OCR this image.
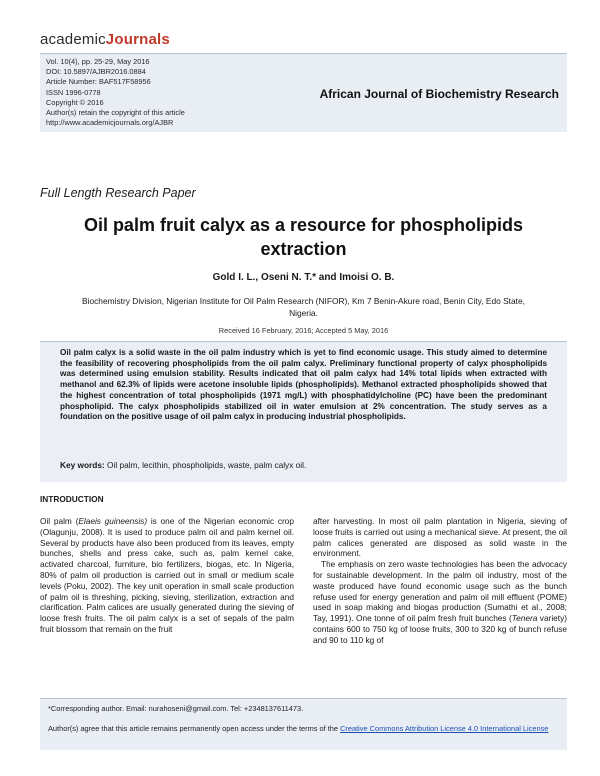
academicJournals
Vol. 10(4), pp. 25-29, May 2016
DOI: 10.5897/AJBR2016.0884
Article Number: BAF517F58956
ISSN 1996-0778
Copyright © 2016
Author(s) retain the copyright of this article
http://www.academicjournals.org/AJBR
African Journal of Biochemistry Research
Full Length Research Paper
Oil palm fruit calyx as a resource for phospholipids extraction
Gold I. L., Oseni N. T.* and Imoisi O. B.
Biochemistry Division, Nigerian Institute for Oil Palm Research (NIFOR), Km 7 Benin-Akure road, Benin City, Edo State, Nigeria.
Received 16 February, 2016; Accepted 5 May, 2016
Oil palm calyx is a solid waste in the oil palm industry which is yet to find economic usage. This study aimed to determine the feasibility of recovering phospholipids from the oil palm calyx. Preliminary functional property of calyx phospholipids was determined using emulsion stability. Results indicated that oil palm calyx had 14% total lipids when extracted with methanol and 62.3% of lipids were acetone insoluble lipids (phospholipids). Methanol extracted phospholipids showed that the highest concentration of total phospholipids (1971 mg/L) with phosphatidylcholine (PC) have been the predominant phospholipid. The calyx phospholipids stabilized oil in water emulsion at 2% concentration. The study serves as a foundation on the positive usage of oil palm calyx in producing industrial phospholipids.
Key words: Oil palm, lecithin, phospholipids, waste, palm calyx oil.
INTRODUCTION

Oil palm (Elaeis guineensis) is one of the Nigerian economic crop (Olagunju, 2008). It is used to produce palm oil and palm kernel oil. Several by products have also been produced from its leaves, empty bunches, shells and press cake, such as, palm kernel cake, activated charcoal, furniture, bio fertilizers, biogas, etc. In Nigeria, 80% of palm oil production is carried out in small or medium scale levels (Poku, 2002). The key unit operation in small scale production of palm oil is threshing, picking, sieving, sterilization, extraction and clarification. Palm calices are usually generated during the sieving of loose fresh fruits. The oil palm calyx is a set of sepals of the palm fruit blossom that remain on the fruit

after harvesting. In most oil palm plantation in Nigeria, sieving of loose fruits is carried out using a mechanical sieve. At present, the oil palm calices generated are disposed as solid waste in the environment.

The emphasis on zero waste technologies has been the advocacy for sustainable development. In the palm oil industry, most of the waste produced have found economic usage such as the bunch refuse used for energy generation and palm oil mill effluent (POME) used in soap making and biogas production (Sumathi et al., 2008; Tay, 1991). One tonne of oil palm fresh fruit bunches (Tenera variety) contains 600 to 750 kg of loose fruits, 300 to 320 kg of bunch refuse and 90 to 110 kg of

*Corresponding author. Email: nurahoseni@gmail.com. Tel: +2348137611473.
Author(s) agree that this article remains permanently open access under the terms of the Creative Commons Attribution License 4.0 International License
